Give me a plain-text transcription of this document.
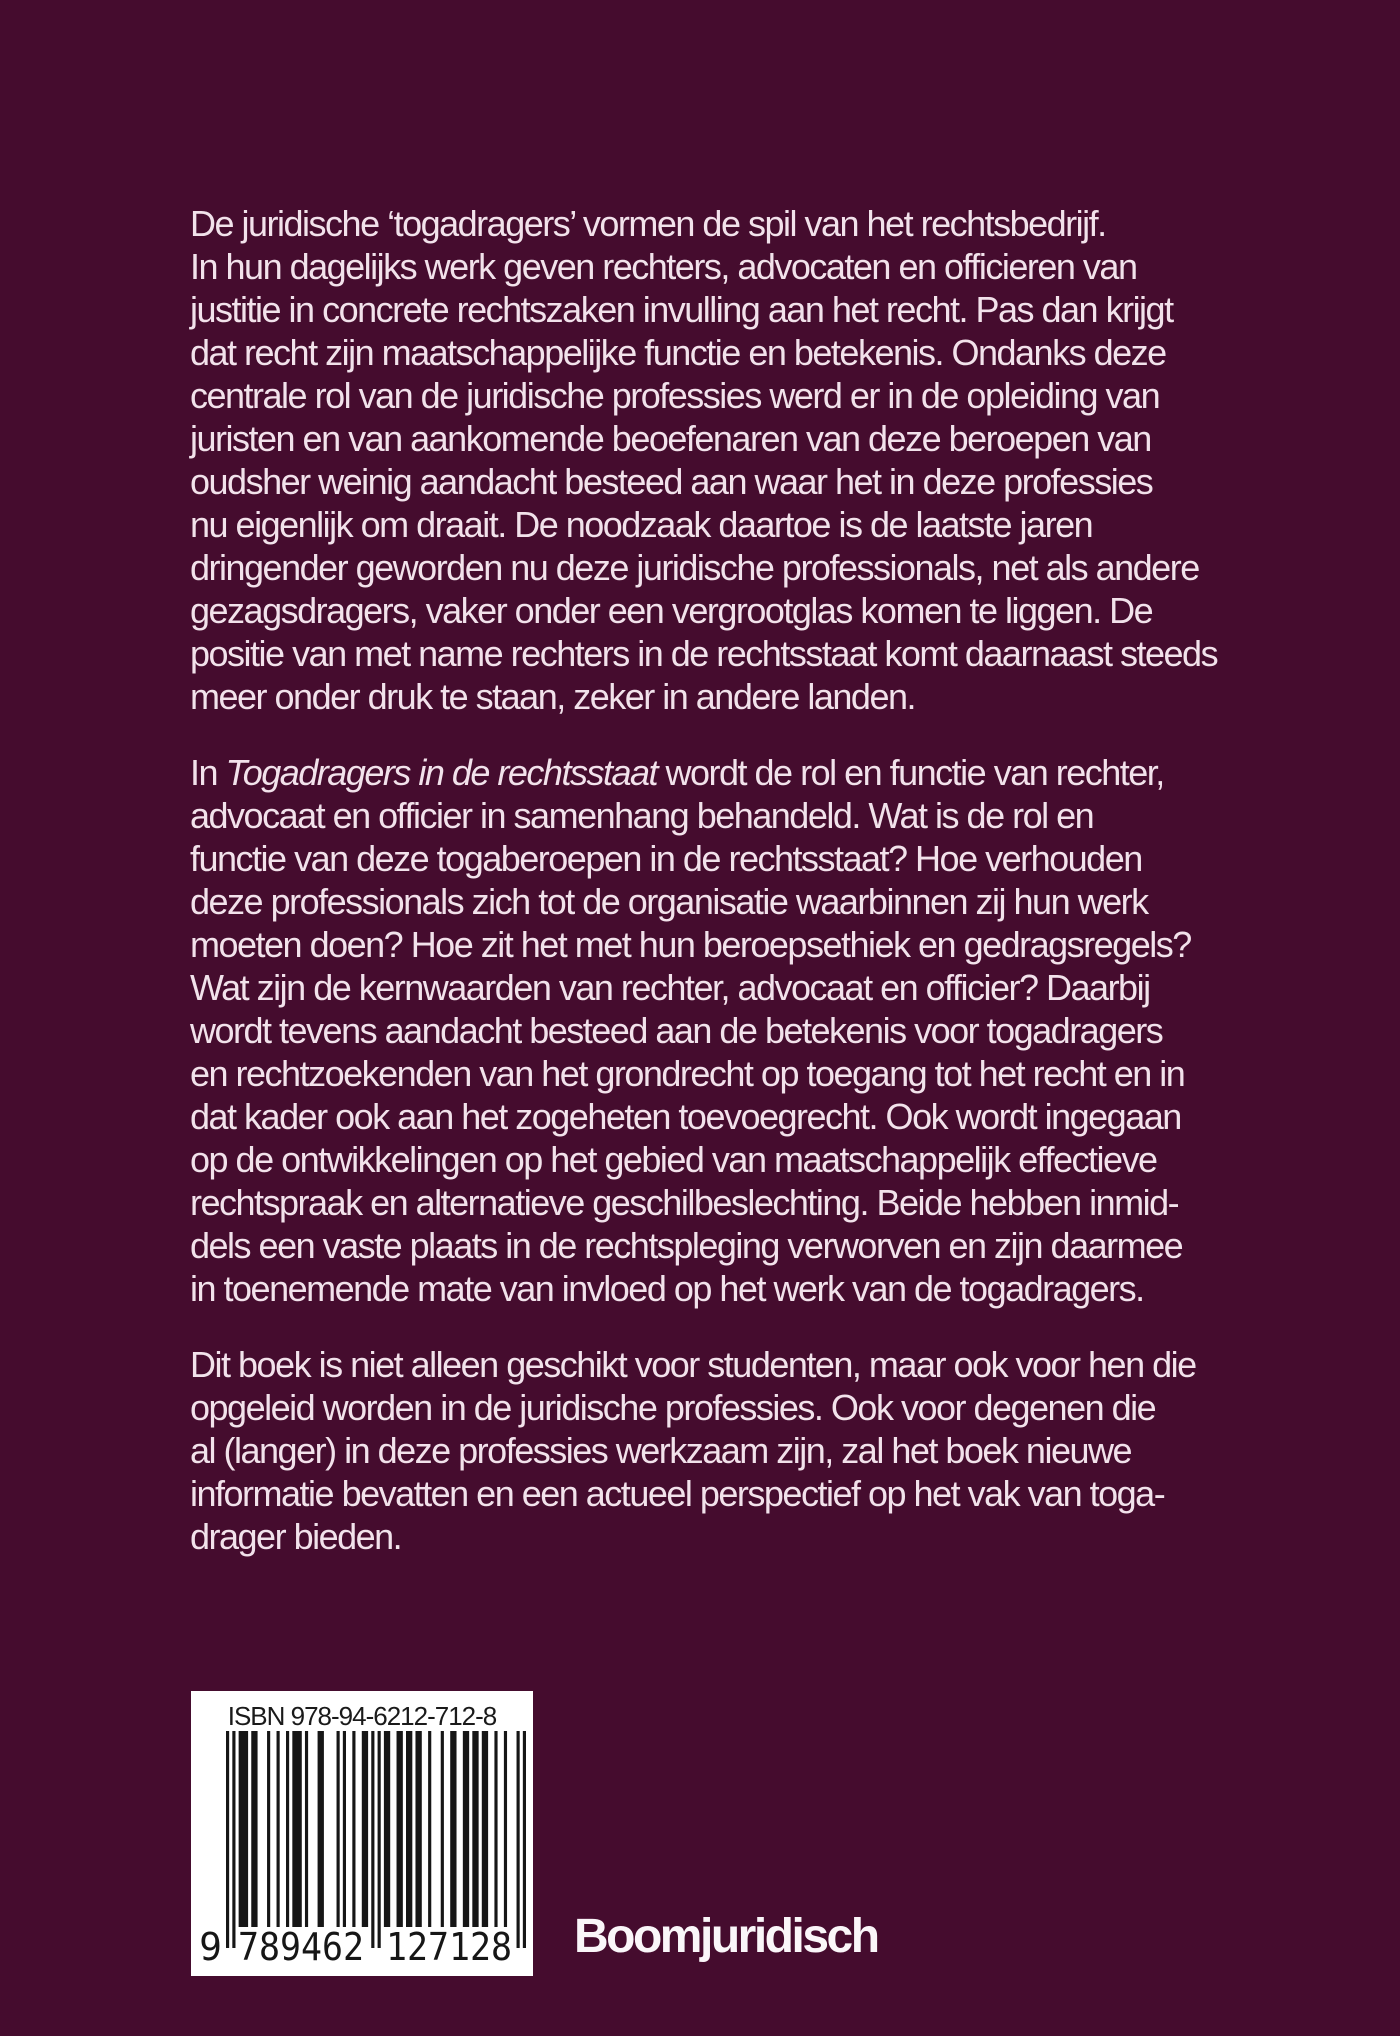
De juridische ‘togadragers’ vormen de spil van het rechtsbedrijf.
In hun dagelijks werk geven rechters, advocaten en officieren van
justitie in concrete rechtszaken invulling aan het recht. Pas dan krijgt
dat recht zijn maatschappelijke functie en betekenis. Ondanks deze
centrale rol van de juridische professies werd er in de opleiding van
juristen en van aankomende beoefenaren van deze beroepen van
oudsher weinig aandacht besteed aan waar het in deze professies
nu eigenlijk om draait. De noodzaak daartoe is de laatste jaren
dringender geworden nu deze juridische professionals, net als andere
gezagsdragers, vaker onder een vergrootglas komen te liggen. De
positie van met name rechters in de rechtsstaat komt daarnaast steeds
meer onder druk te staan, zeker in andere landen.

In Togadragers in de rechtsstaat wordt de rol en functie van rechter,
advocaat en officier in samenhang behandeld. Wat is de rol en
functie van deze togaberoepen in de rechtsstaat? Hoe verhouden
deze professionals zich tot de organisatie waarbinnen zij hun werk
moeten doen? Hoe zit het met hun beroepsethiek en gedragsregels?
Wat zijn de kernwaarden van rechter, advocaat en officier? Daarbij
wordt tevens aandacht besteed aan de betekenis voor togadragers
en rechtzoekenden van het grondrecht op toegang tot het recht en in
dat kader ook aan het zogeheten toevoegrecht. Ook wordt ingegaan
op de ontwikkelingen op het gebied van maatschappelijk effectieve
rechtspraak en alternatieve geschilbeslechting. Beide hebben inmid-
dels een vaste plaats in de rechtspleging verworven en zijn daarmee
in toenemende mate van invloed op het werk van de togadragers.

Dit boek is niet alleen geschikt voor studenten, maar ook voor hen die
opgeleid worden in de juridische professies. Ook voor degenen die
al (langer) in deze professies werkzaam zijn, zal het boek nieuwe
informatie bevatten en een actueel perspectief op het vak van toga-
drager bieden.

ISBN 978-94-6212-712-8
9 789462 127128 Boomjuridisch
